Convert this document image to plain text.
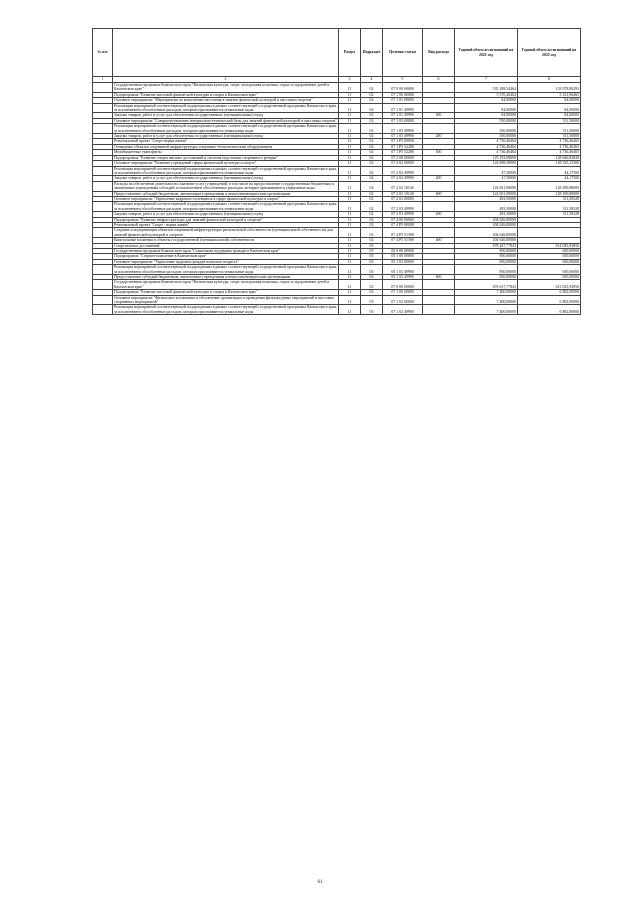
№ п/п		Раздел	Подраздел	Целевая статья	Вид расхода	Годовой объем ассигнований на 2021 год	Годовой объем ассигнований на 2022 год
1	2	3	4	5	6	7	8
	Государственная программа Камчатского края "Физическая культура, спорт, молодежная политика, отдых и оздоровление детей в Камчатском крае"	11	02	07 0 00 00000		335 188,54464	133 978,80293
	Подпрограмма "Развитие массовой физической культуры и спорта в Камчатском крае"	11	02	07 1 00 00000		5 370,46464	5 331,96465
	Основное мероприятие "Мероприятия по вовлечению населения в занятия физической культурой и массовым спортом"	11	02	07 1 01 00000		84,00000	84,00000
	Реализация мероприятий соответствующей подпрограммы в рамках соответствующей государственной программы Камчатского края, за исключением обособленных расходов, которым присваиваются уникальные коды	11	02	07 1 01 49990		84,00000	84,00000
	Закупка товаров, работ и услуг для обеспечения государственных (муниципальных) нужд	11	02	07 1 01 49990	200	84,00000	84,00000
	Основное мероприятие "Совершенствование материально-технической базы для занятий физической культурой и массовым спортом"	11	02	07 1 03 00000		550,00000	511,50000
	Реализация мероприятий соответствующей подпрограммы в рамках соответствующей государственной программы Камчатского края, за исключением обособленных расходов, которым присваиваются уникальные коды	11	02	07 1 03 49990		550,00000	511,50000
	Закупка товаров, работ и услуг для обеспечения государственных (муниципальных) нужд	11	02	07 1 03 49990	200	550,00000	511,50000
	Региональный проект "Спорт-норма жизни"	11	02	07 1 P5 00000		4 736,46464	4 736,46465
	Оснащение объектов спортивной инфраструктуры спортивно-технологическим оборудованием	11	02	07 1 P5 52280		4 736,46464	4 736,46465
	Межбюджетные трансферты	11	02	07 1 P5 52280	500	4 736,46464	4 736,46465
	Подпрограмма "Развитие спорта высших достижений и системы подготовки спортивного резерва"	11	02	07 2 00 00000		125 192,09000	128 646,83828
	Основное мероприятие "Развитие учреждений сферы физической культуры и спорта"	11	02	07 2 02 00000		124 698,58000	128 335,25500
	Реализация мероприятий соответствующей подпрограммы в рамках соответствующей государственной программы Камчатского края, за исключением обособленных расходов, которым присваиваются уникальные коды	11	02	07 2 02 49990		47,50000	44,17500
	Закупка товаров, работ и услуг для обеспечения государственных (муниципальных) нужд	11	02	07 2 02 49990	200	47,50000	44,17500
	Расходы на обеспечение деятельности (оказание услуг) учреждений, в том числе на предоставление государственным бюджетным и автономным учреждениям субсидий за исключением обособленных расходов, которым присваиваются уникальные коды	11	02	07 2 02 10140		124 651,08000	128 290,88000
	Предоставление субсидий бюджетным, автономным учреждениям и иным некоммерческим организациям	11	02	07 2 02 10140	600	124 651,08000	128 290,88000
	Основное мероприятие "Укрепление кадрового потенциала в сфере физической культуры и спорта"	11	02	07 2 03 00000		493,50000	311,58328
	Реализация мероприятий соответствующей подпрограммы в рамках соответствующей государственной программы Камчатского края, за исключением обособленных расходов, которым присваиваются уникальные коды	11	02	07 2 03 49990		493,50000	311,58328
	Закупка товаров, работ и услуг для обеспечения государственных (муниципальных) нужд	11	02	07 2 03 49990	200	493,50000	311,58328
	Подпрограмма "Развитие инфраструктуры для занятий физической культурой и спортом"	11	02	07 4 00 00000		204 626,00000	
	Региональный проект "Спорт - норма жизни"	11	02	07 4 P5 00000		204 626,00000	
	Создание и модернизация объектов спортивной инфраструктуры региональной собственности (муниципальной собственности) для занятий физической культурой и спортом	11	02	07 4 P5 51390		204 626,00000	
	Капитальные вложения в объекты государственной (муниципальной) собственности	11	02	07 4 P5 51390	400	204 626,00000	
	Спорт высших достижений	11	03			678 447,77843	614 045,93856
	Государственная программа Камчатского края "Социальная поддержка граждан в Камчатском крае"	11	03	05 0 00 00000		850,00000	650,00000
	Подпрограмма "Старшее поколение в Камчатском крае"	11	03	05 1 00 00000		850,00000	650,00000
	Основное мероприятие "Укрепление здоровья граждан пожилого возраста"	11	03	05 1 03 00000		850,00000	650,00000
	Реализация мероприятий соответствующей подпрограммы в рамках соответствующей государственной программы Камчатского края, за исключением обособленных расходов, которым присваиваются уникальные коды	11	03	05 1 03 49990		850,00000	650,00000
	Предоставление субсидий бюджетным, автономным учреждениям и иным некоммерческим организациям	11	03	05 1 03 49990	600	850,00000	650,00000
	Государственная программа Камчатского края "Физическая культура, спорт, молодежная политика, отдых и оздоровление детей в Камчатском крае"	11	03	07 0 00 00000		676 617,77843	613 025,93856
	Подпрограмма "Развитие массовой физической культуры и спорта в Камчатском крае"	11	03	07 1 00 00000		7 400,00000	6 882,00000
	Основное мероприятие "Физическое воспитание и обеспечение организации и проведения физкультурных мероприятий и массовых спортивных мероприятий"	11	03	07 1 02 00000		7 400,00000	6 882,00000
	Реализация мероприятий соответствующей подпрограммы в рамках соответствующей государственной программы Камчатского края, за исключением обособленных расходов, которым присваиваются уникальные коды	11	03	07 1 02 49990		7 400,00000	6 882,00000
61
